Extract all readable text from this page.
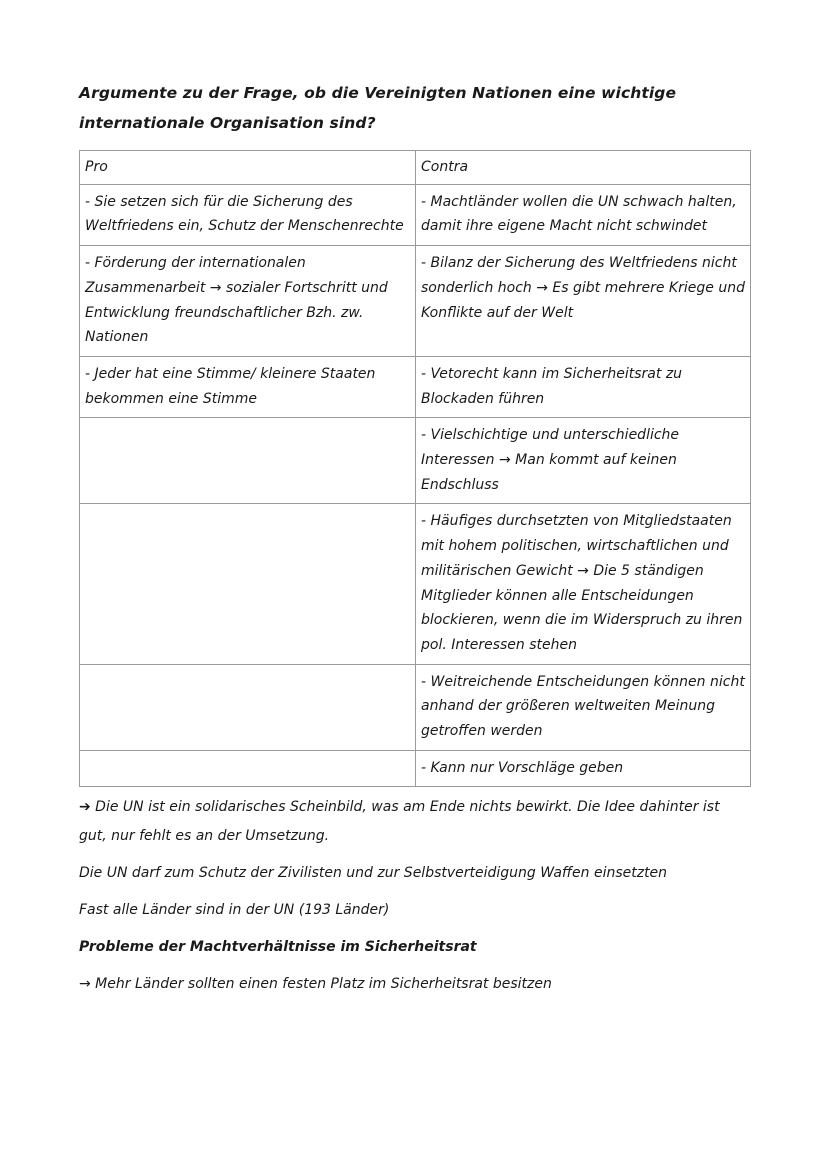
Argumente zu der Frage, ob die Vereinigten Nationen eine wichtige internationale Organisation sind?

Pro	Contra
- Sie setzen sich für die Sicherung des Weltfriedens ein, Schutz der Menschenrechte	- Machtländer wollen die UN schwach halten, damit ihre eigene Macht nicht schwindet
- Förderung der internationalen Zusammenarbeit → sozialer Fortschritt und Entwicklung freundschaftlicher Bzh. zw. Nationen	- Bilanz der Sicherung des Weltfriedens nicht sonderlich hoch → Es gibt mehrere Kriege und Konflikte auf der Welt
- Jeder hat eine Stimme/ kleinere Staaten bekommen eine Stimme	- Vetorecht kann im Sicherheitsrat zu Blockaden führen
	- Vielschichtige und unterschiedliche Interessen → Man kommt auf keinen Endschluss
	- Häufiges durchsetzten von Mitgliedstaaten mit hohem politischen, wirtschaftlichen und militärischen Gewicht → Die 5 ständigen Mitglieder können alle Entscheidungen blockieren, wenn die im Widerspruch zu ihren pol. Interessen stehen
	- Weitreichende Entscheidungen können nicht anhand der größeren weltweiten Meinung getroffen werden
	- Kann nur Vorschläge geben

➔ Die UN ist ein solidarisches Scheinbild, was am Ende nichts bewirkt. Die Idee dahinter ist gut, nur fehlt es an der Umsetzung.

Die UN darf zum Schutz der Zivilisten und zur Selbstverteidigung Waffen einsetzten

Fast alle Länder sind in der UN (193 Länder)

Probleme der Machtverhältnisse im Sicherheitsrat

→ Mehr Länder sollten einen festen Platz im Sicherheitsrat besitzen
